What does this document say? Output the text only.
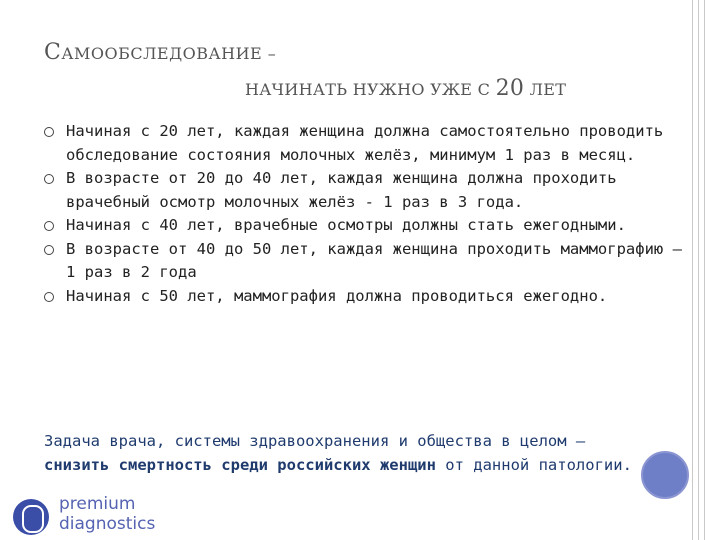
САМООБСЛЕДОВАНИЕ –
НАЧИНАТЬ НУЖНО УЖЕ С 20 ЛЕТ
Начиная с 20 лет, каждая женщина должна самостоятельно проводить обследование состояния молочных желёз, минимум 1 раз в месяц.
В возрасте от 20 до 40 лет, каждая женщина должна проходить врачебный осмотр молочных желёз - 1 раз в 3 года.
Начиная с 40 лет, врачебные осмотры должны стать ежегодными.
В возрасте от 40 до 50 лет, каждая женщина проходить маммографию – 1 раз в 2 года
Начиная с 50 лет, маммография должна проводиться ежегодно.
Задача врача, системы здравоохранения и общества в целом – снизить смертность среди российских женщин от данной патологии.
premium
diagnostics
